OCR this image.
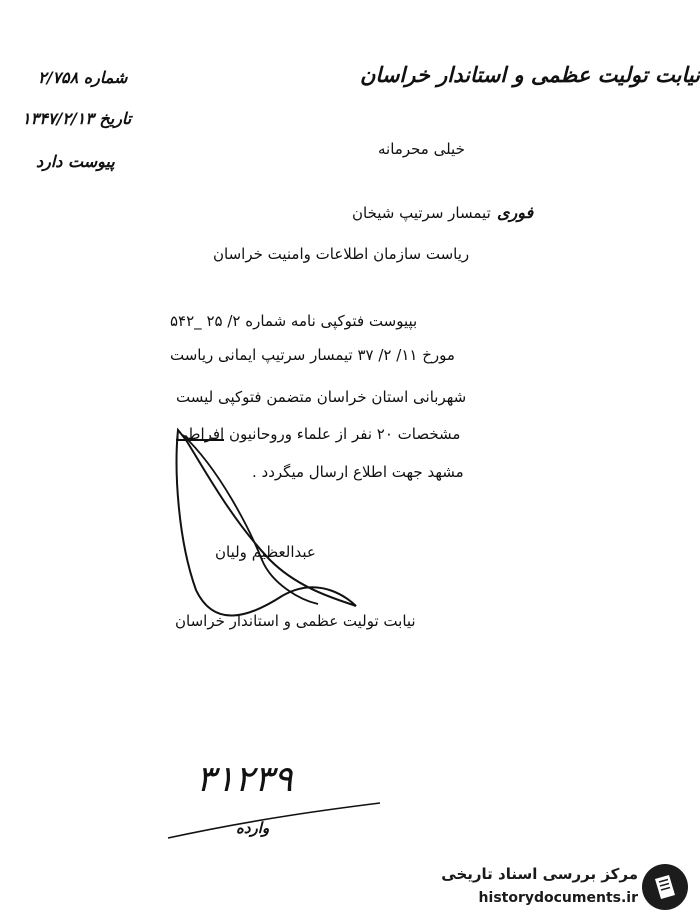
نیابت تولیت عظمی و استاندار خراسان
شماره ۲/۷۵۸
تاریخ ۱۳۴۷/۲/۱۳
پیوست دارد
خیلی محرمانه
فوری
تیمسار سرتیپ شیخان
ریاست سازمان اطلاعات وامنیت خراسان
بپیوست فتوکپی نامه شماره ۲/ ۲۵ _۵۴۲
مورخ ۱۱/ ۲/ ۳۷ تیمسار سرتیپ ایمانی ریاست
شهربانی استان خراسان متضمن فتوکپی لیست
مشخصات ۲۰ نفر از علماء وروحانیون افراطی
مشهد جهت اطلاع ارسال میگردد .
عبدالعظیم ولیان
نیابت تولیت عظمی و استاندار خراسان
۳۱۲۳۹
وارده
مرکز بررسی اسناد تاریخی
historydocuments.ir
